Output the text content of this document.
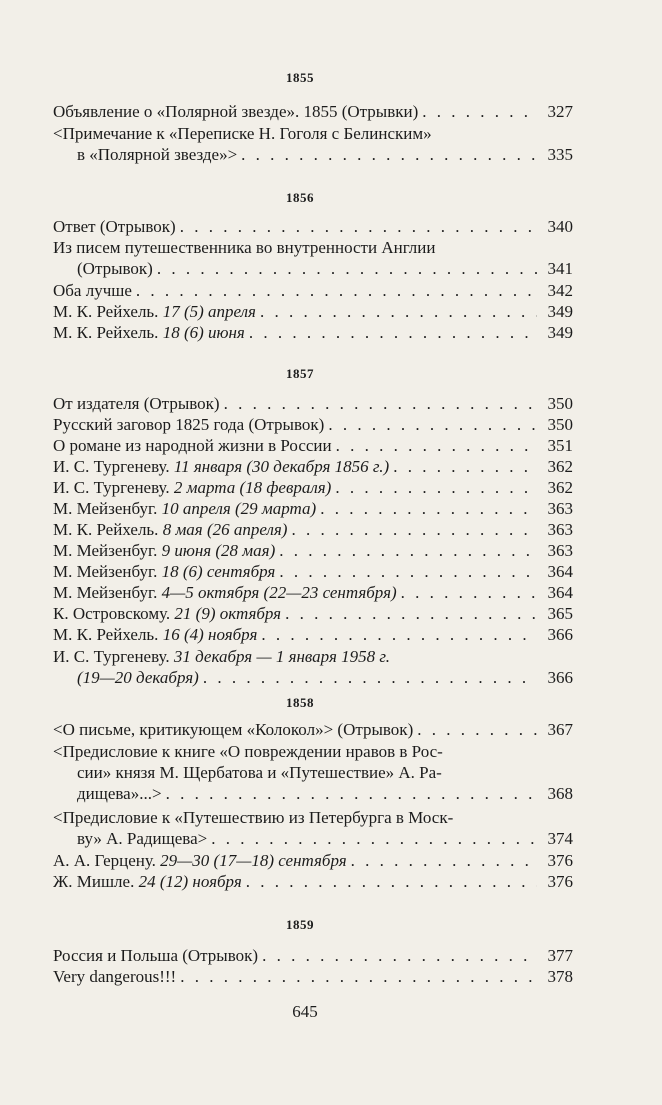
1855
Объявление о «Полярной звезде». 1855 (Отрывки) . . .	327
<Примечание к «Переписке Н. Гоголя с Белинским»
в «Полярной звезде»> . . .	335
1856
Ответ (Отрывок) . . .	340
Из писем путешественника во внутренности Англии
(Отрывок) . . .	341
Оба лучше . . .	342
М. К. Рейхель. 17 (5) апреля . . .	349
М. К. Рейхель. 18 (6) июня . . .	349
1857
От издателя (Отрывок) . . .	350
Русский заговор 1825 года (Отрывок) . . .	350
О романе из народной жизни в России . . .	351
И. С. Тургеневу. 11 января (30 декабря 1856 г.) . . .	362
И. С. Тургеневу. 2 марта (18 февраля) . . .	362
М. Мейзенбуг. 10 апреля (29 марта) . . .	363
М. К. Рейхель. 8 мая (26 апреля) . . .	363
М. Мейзенбуг. 9 июня (28 мая) . . .	363
М. Мейзенбуг. 18 (6) сентября . . .	364
М. Мейзенбуг. 4—5 октября (22—23 сентября) . . .	364
К. Островскому. 21 (9) октября . . .	365
М. К. Рейхель. 16 (4) ноября . . .	366
И. С. Тургеневу. 31 декабря — 1 января 1958 г.
(19—20 декабря) . . .	366
1858
<О письме, критикующем «Колокол»> (Отрывок) . . .	367
<Предисловие к книге «О повреждении нравов в Рос-
сии» князя М. Щербатова и «Путешествие» А. Ра-
дищева»...> . . .	368
<Предисловие к «Путешествию из Петербурга в Моск-
ву» А. Радищева> . . .	374
А. А. Герцену. 29—30 (17—18) сентября . . .	376
Ж. Мишле. 24 (12) ноября . . .	376
1859
Россия и Польша (Отрывок) . . .	377
Very dangerous!!! . . .	378
645
